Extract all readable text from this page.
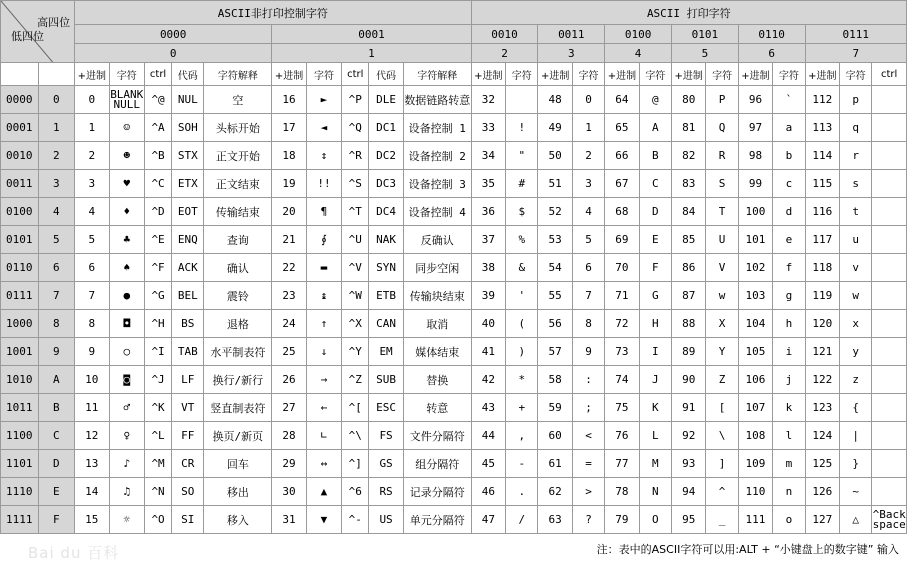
高四位
低四位		ASCII非打印控制字符										ASCII 打印字符												
		0000					0001					0010		0011		0100		0101		0110		0111		
		0					1					2		3		4		5		6		7		
		+进制	字符	ctrl	代码	字符解释	+进制	字符	ctrl	代码	字符解释	+进制	字符	+进制	字符	+进制	字符	+进制	字符	+进制	字符	+进制	字符	ctrl
0000	0	0	BLANK NULL	^@	NUL	空	16	►	^P	DLE	数据链路转意	32		48	0	64	@	80	P	96	`	112	p	
0001	1	1	☺	^A	SOH	头标开始	17	◄	^Q	DC1	设备控制 1	33	!	49	1	65	A	81	Q	97	a	113	q	
0010	2	2	☻	^B	STX	正文开始	18	↕	^R	DC2	设备控制 2	34	"	50	2	66	B	82	R	98	b	114	r	
0011	3	3	♥	^C	ETX	正文结束	19	!!	^S	DC3	设备控制 3	35	#	51	3	67	C	83	S	99	c	115	s	
0100	4	4	♦	^D	EOT	传输结束	20	¶	^T	DC4	设备控制 4	36	$	52	4	68	D	84	T	100	d	116	t	
0101	5	5	♣	^E	ENQ	查询	21	∮	^U	NAK	反确认	37	%	53	5	69	E	85	U	101	e	117	u	
0110	6	6	♠	^F	ACK	确认	22	▬	^V	SYN	同步空闲	38	&	54	6	70	F	86	V	102	f	118	v	
0111	7	7	●	^G	BEL	震铃	23	↨	^W	ETB	传输块结束	39	'	55	7	71	G	87	w	103	g	119	w	
1000	8	8	◘	^H	BS	退格	24	↑	^X	CAN	取消	40	(	56	8	72	H	88	X	104	h	120	x	
1001	9	9	○	^I	TAB	水平制表符	25	↓	^Y	EM	媒体结束	41	)	57	9	73	I	89	Y	105	i	121	y	
1010	A	10	◙	^J	LF	换行/新行	26	→	^Z	SUB	替换	42	*	58	:	74	J	90	Z	106	j	122	z	
1011	B	11	♂	^K	VT	竖直制表符	27	←	^[	ESC	转意	43	+	59	;	75	K	91	[	107	k	123	{	
1100	C	12	♀	^L	FF	换页/新页	28	∟	^\	FS	文件分隔符	44	,	60	<	76	L	92	\	108	l	124	|	
1101	D	13	♪	^M	CR	回车	29	↔	^]	GS	组分隔符	45	-	61	=	77	M	93	]	109	m	125	}	
1110	E	14	♫	^N	SO	移出	30	▲	^6	RS	记录分隔符	46	.	62	>	78	N	94	^	110	n	126	~	
1111	F	15	☼	^O	SI	移入	31	▼	^-	US	单元分隔符	47	/	63	?	79	O	95	_	111	o	127	△	^Back space
Bai du 百科	注：表中的ASCII字符可以用:ALT + “小键盘上的数字键” 输入
